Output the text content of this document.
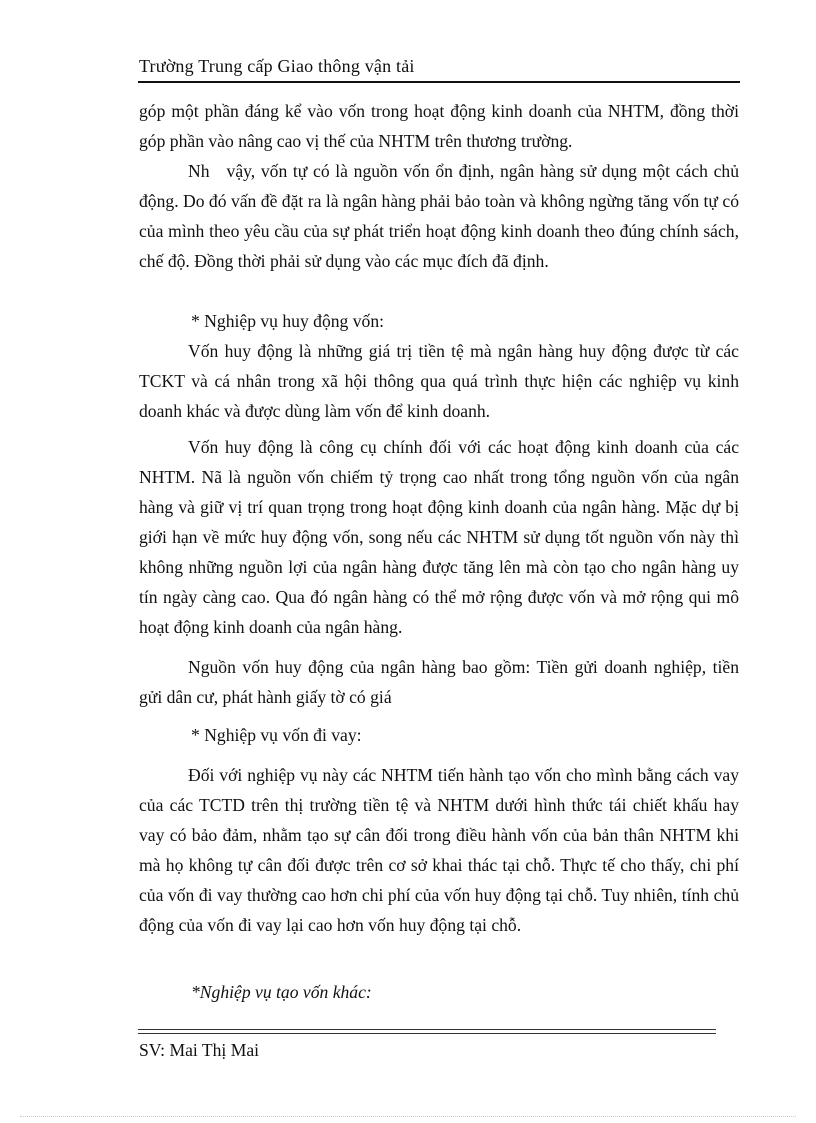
Trường Trung cấp Giao thông vận tải

góp một phần đáng kể vào vốn trong hoạt động kinh doanh của NHTM, đồng thời góp phần vào nâng cao vị thế của NHTM trên thương trường.

Nh   vậy, vốn tự có là nguồn vốn ổn định, ngân hàng sử dụng một cách chủ động. Do đó vấn đề đặt ra là ngân hàng phải bảo toàn và không ngừng tăng vốn tự có của mình theo yêu cầu của sự phát triển hoạt động kinh doanh theo đúng chính sách, chế độ. Đồng thời phải sử dụng vào các mục đích đã định.

* Nghiệp vụ huy động vốn:

Vốn huy động là những giá trị tiền tệ mà ngân hàng huy động được từ các TCKT và cá nhân trong xã hội thông qua quá trình thực hiện các nghiệp vụ kinh doanh khác và được dùng làm vốn để kinh doanh.

Vốn huy động là công cụ chính đối với các hoạt động kinh doanh của các NHTM. Nã là nguồn vốn chiếm tỷ trọng cao nhất trong tổng nguồn vốn của ngân hàng và giữ vị trí quan trọng trong hoạt động kinh doanh của ngân hàng. Mặc dự bị giới hạn về mức huy động vốn, song nếu các NHTM sử dụng tốt nguồn vốn này thì không những nguồn lợi của ngân hàng được tăng lên mà còn tạo cho ngân hàng uy tín ngày càng cao. Qua đó ngân hàng có thể mở rộng được vốn và mở rộng qui mô hoạt động kinh doanh của ngân hàng.

Nguồn vốn huy động của ngân hàng bao gồm: Tiền gửi doanh nghiệp, tiền gửi dân cư, phát hành giấy tờ có giá

* Nghiệp vụ vốn đi vay:

Đối với nghiệp vụ này các NHTM tiến hành tạo vốn cho mình bằng cách vay của các TCTD trên thị trường tiền tệ và NHTM dưới hình thức tái chiết khấu hay vay có bảo đảm, nhằm tạo sự cân đối trong điều hành vốn của bản thân NHTM khi mà họ không tự cân đối được trên cơ sở khai thác tại chỗ. Thực tế cho thấy, chi phí của vốn đi vay thường cao hơn chi phí của vốn huy động tại chỗ. Tuy nhiên, tính chủ động của vốn đi vay lại cao hơn vốn huy động tại chỗ.

*Nghiệp vụ tạo vốn khác:
SV: Mai Thị Mai
